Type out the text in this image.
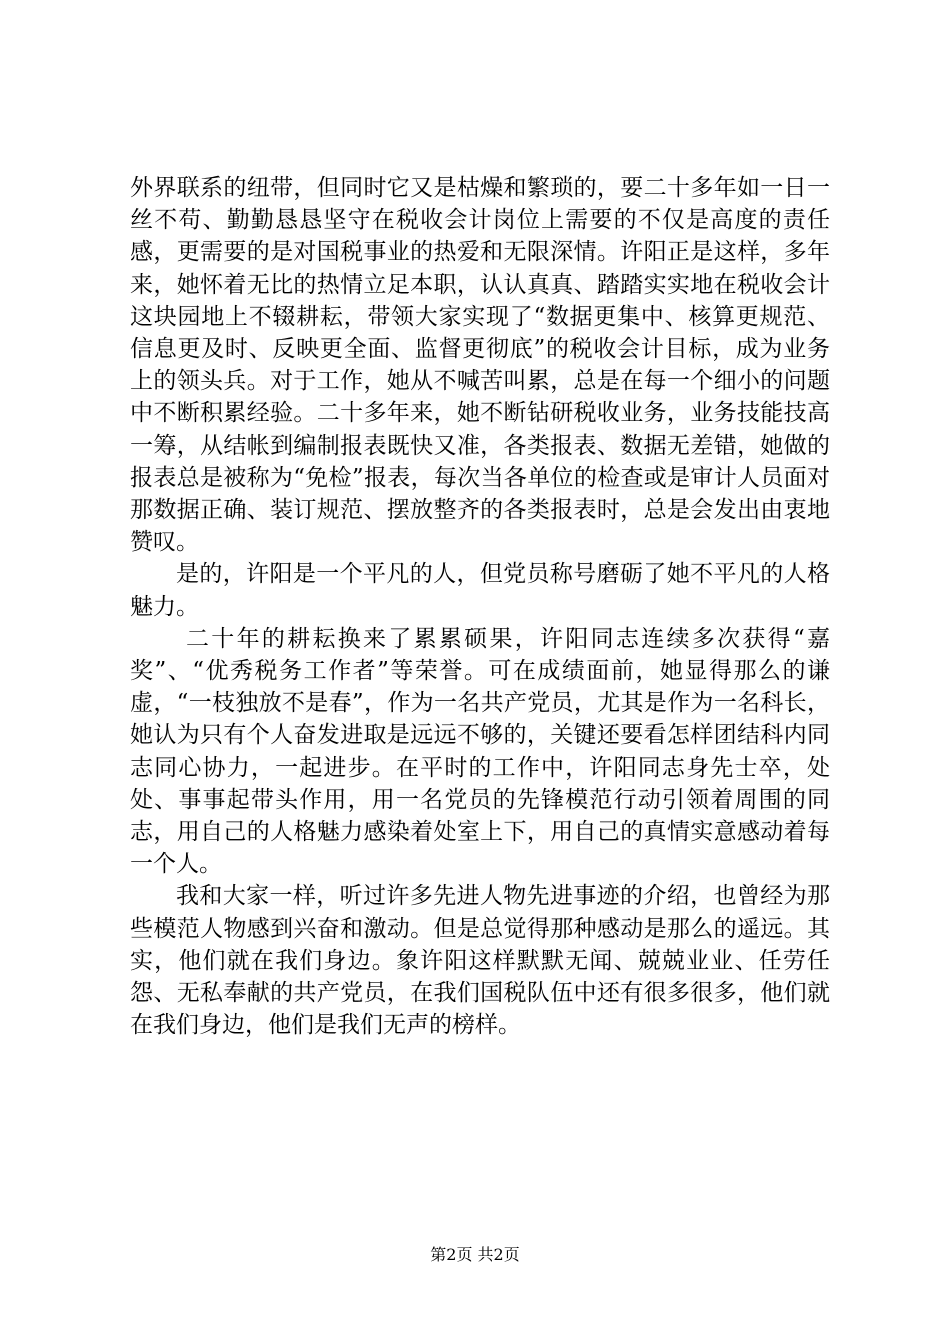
外界联系的纽带，但同时它又是枯燥和繁琐的，要二十多年如一日一丝不苟、勤勤恳恳坚守在税收会计岗位上需要的不仅是高度的责任感，更需要的是对国税事业的热爱和无限深情。许阳正是这样，多年来，她怀着无比的热情立足本职，认认真真、踏踏实实地在税收会计这块园地上不辍耕耘，带领大家实现了“数据更集中、核算更规范、信息更及时、反映更全面、监督更彻底”的税收会计目标，成为业务上的领头兵。对于工作，她从不喊苦叫累，总是在每一个细小的问题中不断积累经验。二十多年来，她不断钻研税收业务，业务技能技高一筹，从结帐到编制报表既快又准，各类报表、数据无差错，她做的报表总是被称为“免检”报表，每次当各单位的检查或是审计人员面对那数据正确、装订规范、摆放整齐的各类报表时，总是会发出由衷地赞叹。

是的，许阳是一个平凡的人，但党员称号磨砺了她不平凡的人格魅力。

二十年的耕耘换来了累累硕果，许阳同志连续多次获得“嘉奖”、“优秀税务工作者”等荣誉。可在成绩面前，她显得那么的谦虚，“一枝独放不是春”，作为一名共产党员，尤其是作为一名科长，她认为只有个人奋发进取是远远不够的，关键还要看怎样团结科内同志同心协力，一起进步。在平时的工作中，许阳同志身先士卒，处处、事事起带头作用，用一名党员的先锋模范行动引领着周围的同志，用自己的人格魅力感染着处室上下，用自己的真情实意感动着每一个人。

我和大家一样，听过许多先进人物先进事迹的介绍，也曾经为那些模范人物感到兴奋和激动。但是总觉得那种感动是那么的遥远。其实，他们就在我们身边。象许阳这样默默无闻、兢兢业业、任劳任怨、无私奉献的共产党员，在我们国税队伍中还有很多很多，他们就在我们身边，他们是我们无声的榜样。

第2页 共2页
